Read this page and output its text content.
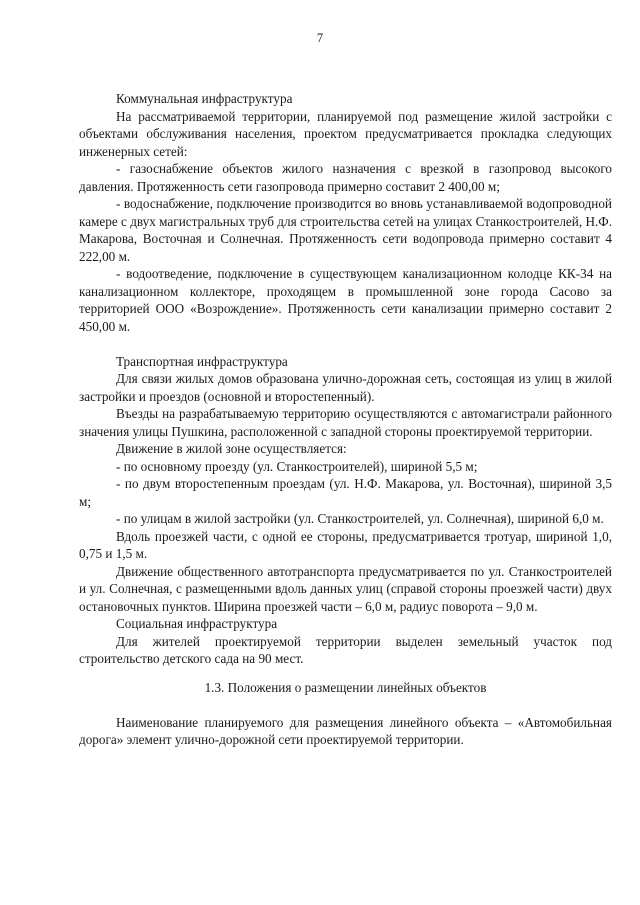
7

Коммунальная инфраструктура

На рассматриваемой территории, планируемой под размещение жилой застройки с объектами обслуживания населения, проектом предусматривается прокладка следующих инженерных сетей:

- газоснабжение объектов жилого назначения с врезкой в газопровод высокого давления. Протяженность сети газопровода примерно составит 2 400,00 м;

- водоснабжение, подключение производится во вновь устанавливаемой водопроводной камере с двух магистральных труб для строительства сетей на улицах Станкостроителей, Н.Ф. Макарова, Восточная и Солнечная. Протяженность сети водопровода примерно составит 4 222,00 м.

- водоотведение, подключение в существующем канализационном колодце КК-34 на канализационном коллекторе, проходящем в промышленной зоне города Сасово за территорией ООО «Возрождение». Протяженность сети канализации примерно составит 2 450,00 м.

Транспортная инфраструктура

Для связи жилых домов образована улично-дорожная сеть, состоящая из улиц в жилой застройки и проездов (основной и второстепенный).

Въезды на разрабатываемую территорию осуществляются с автомагистрали районного значения улицы Пушкина, расположенной с западной стороны проектируемой территории.

Движение в жилой зоне осуществляется:

- по основному проезду (ул. Станкостроителей), шириной 5,5 м;

- по двум второстепенным проездам (ул. Н.Ф. Макарова, ул. Восточная), шириной 3,5 м;

- по улицам в жилой застройки (ул. Станкостроителей, ул. Солнечная), шириной 6,0 м.

Вдоль проезжей части, с одной ее стороны, предусматривается тротуар, шириной 1,0, 0,75 и 1,5 м.

Движение общественного автотранспорта предусматривается по ул. Станкостроителей и ул. Солнечная, с размещенными вдоль данных улиц (справой стороны проезжей части) двух остановочных пунктов. Ширина проезжей части – 6,0 м, радиус поворота – 9,0 м.

Социальная инфраструктура

Для жителей проектируемой территории выделен земельный участок под строительство детского сада на 90 мест.

1.3. Положения о размещении линейных объектов

Наименование планируемого для размещения линейного объекта – «Автомобильная дорога» элемент улично-дорожной сети проектируемой территории.
